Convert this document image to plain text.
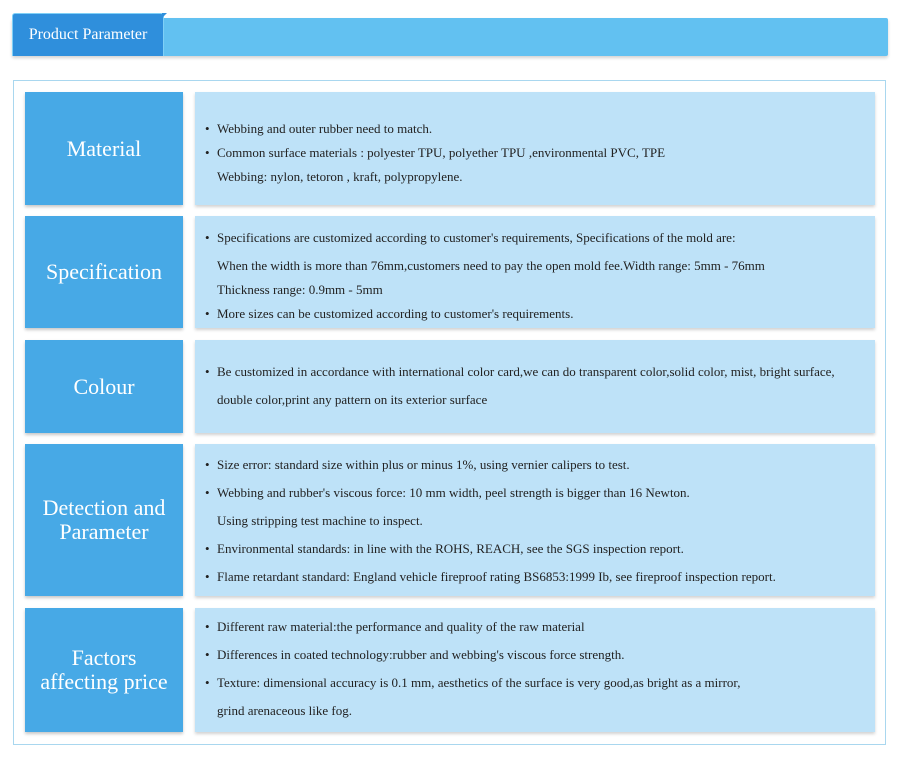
Product Parameter
Material
• Webbing and outer rubber need to match.
• Common surface materials : polyester TPU, polyether TPU ,environmental PVC, TPE
Webbing: nylon, tetoron , kraft, polypropylene.
Specification
• Specifications are customized according to customer's requirements, Specifications of the mold are:
When the width is more than 76mm,customers need to pay the open mold fee.Width range: 5mm - 76mm
Thickness range: 0.9mm - 5mm
• More sizes can be customized according to customer's requirements.
Colour
• Be customized in accordance with international color card,we can do transparent color,solid color, mist, bright surface,
double color,print any pattern on its exterior surface
Detection and
Parameter
• Size error: standard size within plus or minus 1%, using vernier calipers to test.
• Webbing and rubber's viscous force: 10 mm width, peel strength is bigger than 16 Newton.
Using stripping test machine to inspect.
• Environmental standards: in line with the ROHS, REACH, see the SGS inspection report.
• Flame retardant standard: England vehicle fireproof rating BS6853:1999 Ib, see fireproof inspection report.
Factors
affecting price
• Different raw material:the performance and quality of the raw material
• Differences in coated technology:rubber and webbing's viscous force strength.
• Texture: dimensional accuracy is 0.1 mm, aesthetics of the surface is very good,as bright as a mirror,
grind arenaceous like fog.
